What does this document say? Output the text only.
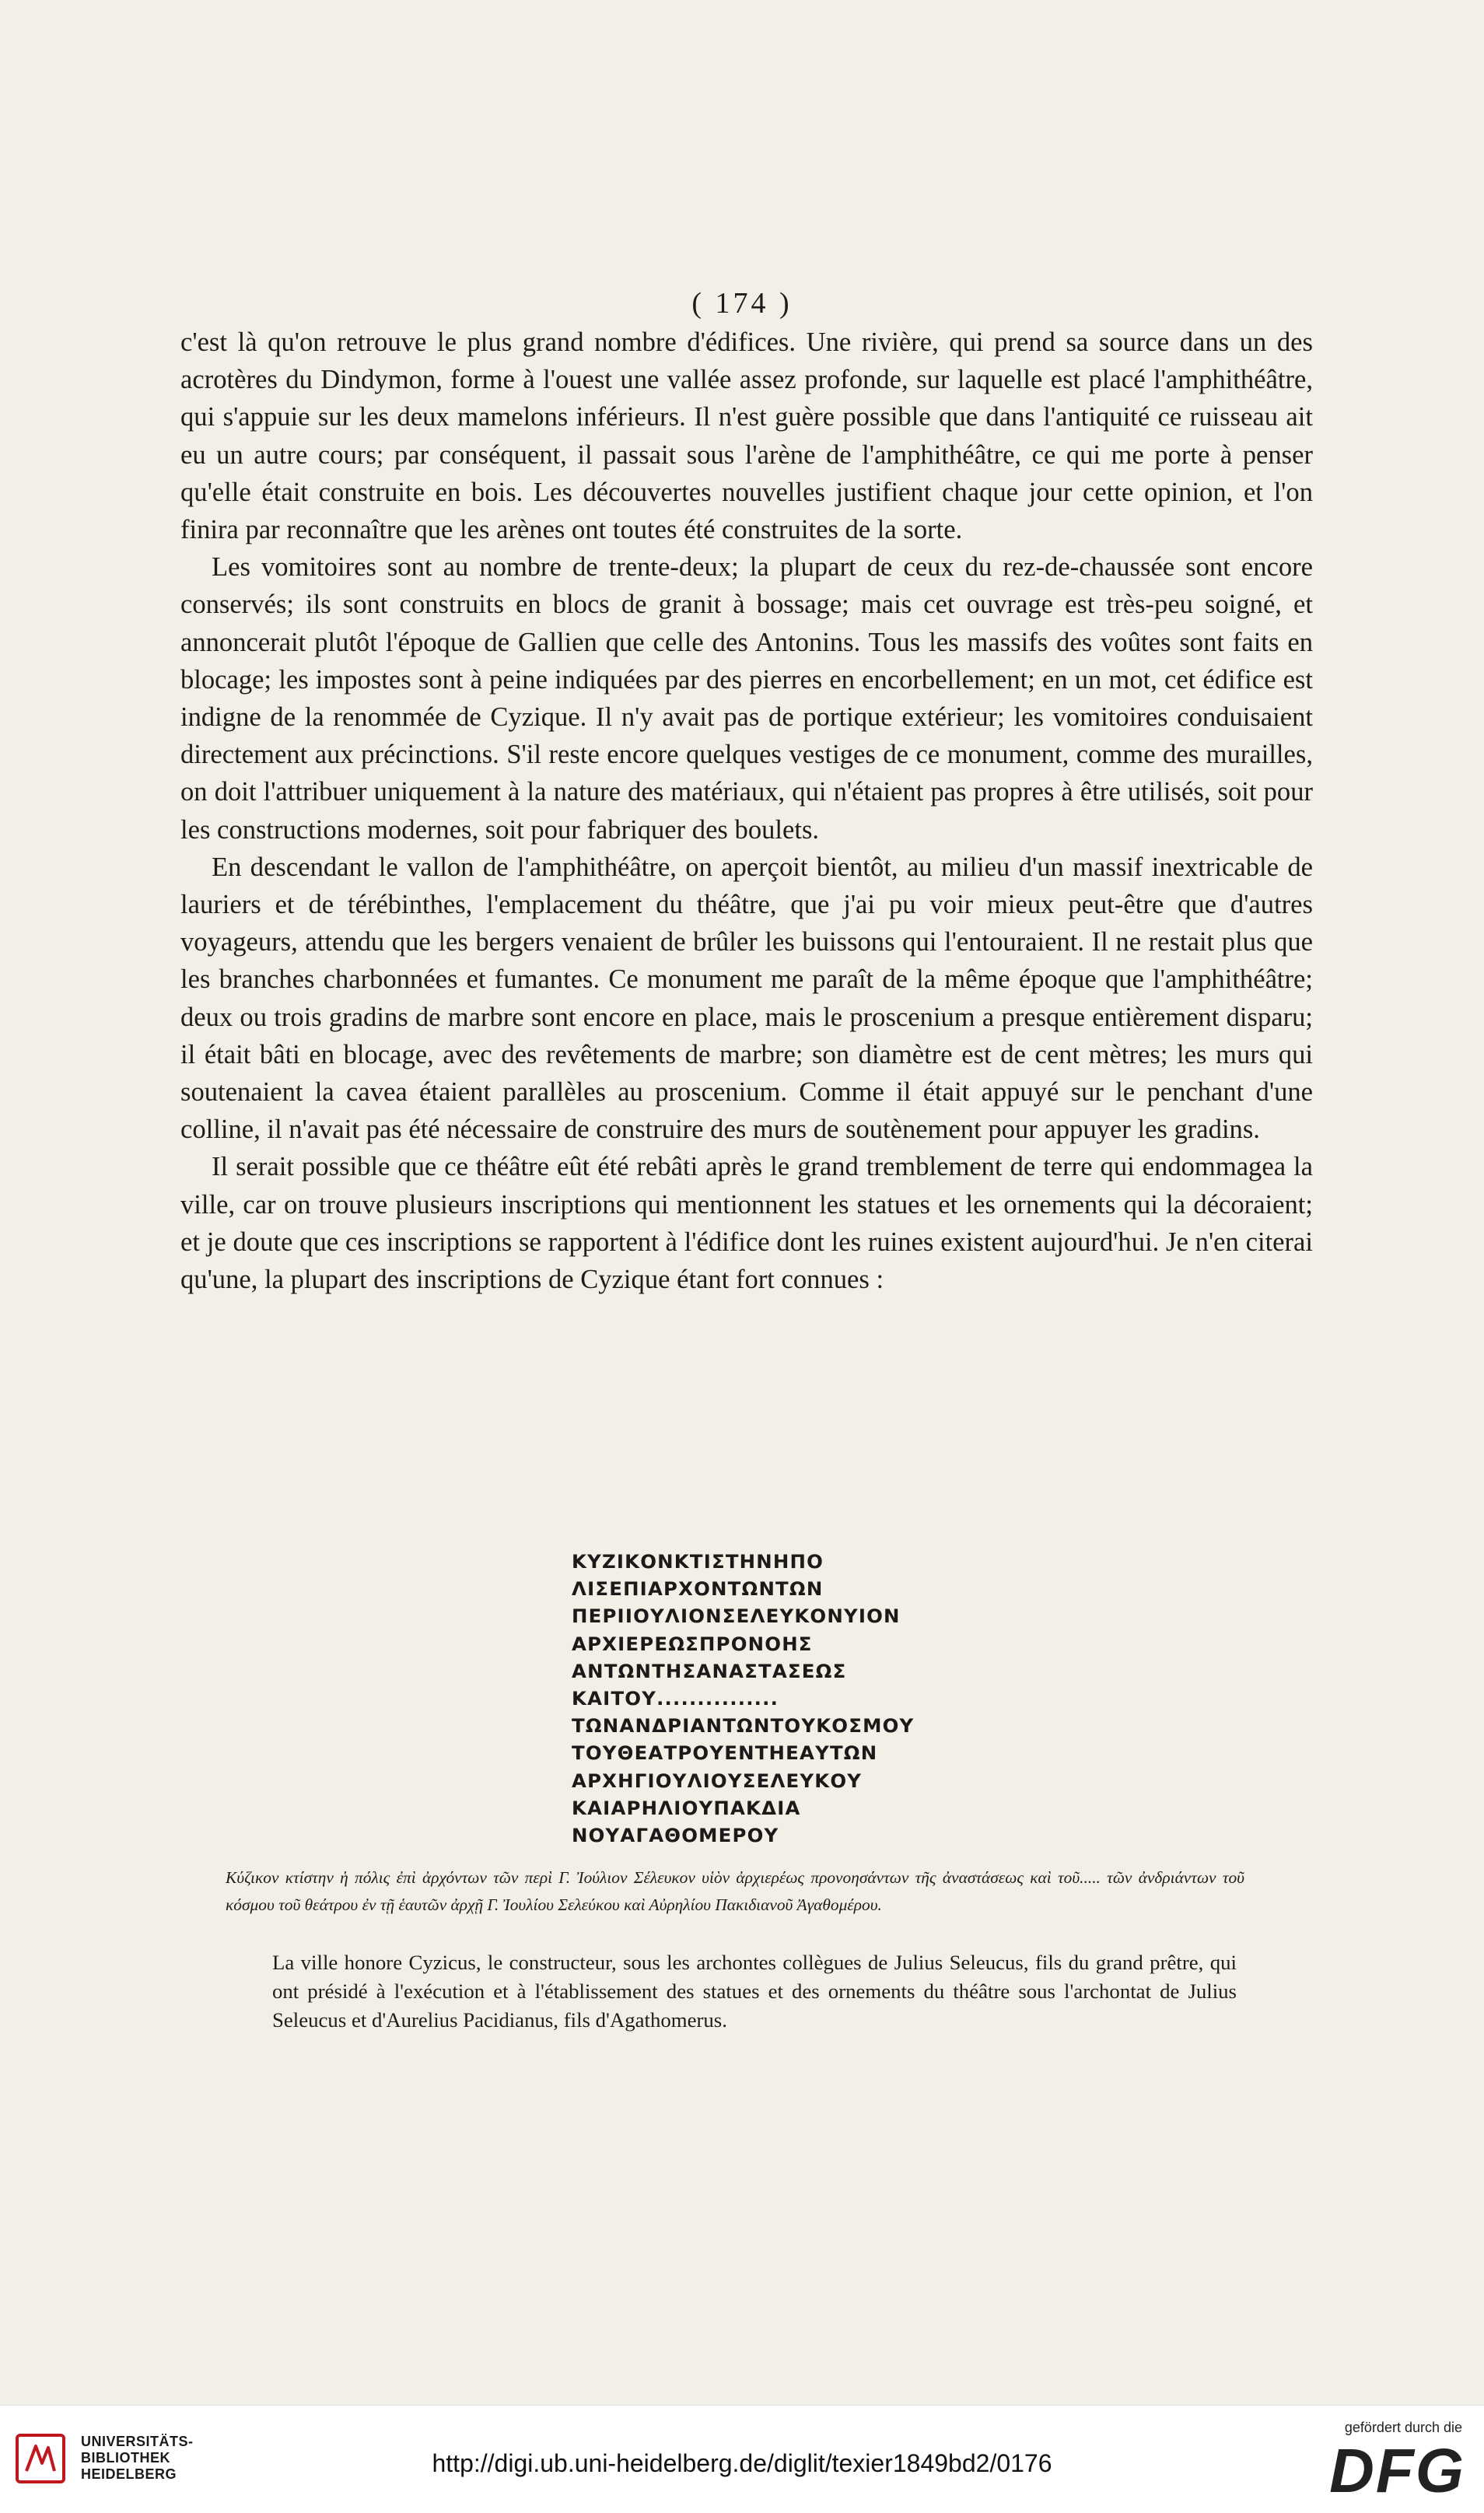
( 174 )

c'est là qu'on retrouve le plus grand nombre d'édifices. Une rivière, qui prend sa source dans un des acrotères du Dindymon, forme à l'ouest une vallée assez profonde, sur laquelle est placé l'amphithéâtre, qui s'appuie sur les deux mamelons inférieurs. Il n'est guère possible que dans l'antiquité ce ruisseau ait eu un autre cours; par conséquent, il passait sous l'arène de l'amphithéâtre, ce qui me porte à penser qu'elle était construite en bois. Les découvertes nouvelles justifient chaque jour cette opinion, et l'on finira par reconnaître que les arènes ont toutes été construites de la sorte.

Les vomitoires sont au nombre de trente-deux; la plupart de ceux du rez-de-chaussée sont encore conservés; ils sont construits en blocs de granit à bossage; mais cet ouvrage est très-peu soigné, et annoncerait plutôt l'époque de Gallien que celle des Antonins. Tous les massifs des voûtes sont faits en blocage; les impostes sont à peine indiquées par des pierres en encorbellement; en un mot, cet édifice est indigne de la renommée de Cyzique. Il n'y avait pas de portique extérieur; les vomitoires conduisaient directement aux précinctions. S'il reste encore quelques vestiges de ce monument, comme des murailles, on doit l'attribuer uniquement à la nature des matériaux, qui n'étaient pas propres à être utilisés, soit pour les constructions modernes, soit pour fabriquer des boulets.

En descendant le vallon de l'amphithéâtre, on aperçoit bientôt, au milieu d'un massif inextricable de lauriers et de térébinthes, l'emplacement du théâtre, que j'ai pu voir mieux peut-être que d'autres voyageurs, attendu que les bergers venaient de brûler les buissons qui l'entouraient. Il ne restait plus que les branches charbonnées et fumantes. Ce monument me paraît de la même époque que l'amphithéâtre; deux ou trois gradins de marbre sont encore en place, mais le proscenium a presque entièrement disparu; il était bâti en blocage, avec des revêtements de marbre; son diamètre est de cent mètres; les murs qui soutenaient la cavea étaient parallèles au proscenium. Comme il était appuyé sur le penchant d'une colline, il n'avait pas été nécessaire de construire des murs de soutènement pour appuyer les gradins.

Il serait possible que ce théâtre eût été rebâti après le grand tremblement de terre qui endommagea la ville, car on trouve plusieurs inscriptions qui mentionnent les statues et les ornements qui la décoraient; et je doute que ces inscriptions se rapportent à l'édifice dont les ruines existent aujourd'hui. Je n'en citerai qu'une, la plupart des inscriptions de Cyzique étant fort connues :

ΚΥΖΙΚΟΝΚΤΙΣΤΗΝΗΠΟ
ΛΙΣΕΠΙΑΡΧΟΝΤΩΝΤΩΝ
ΠΕΡΙΙΟΥΛΙΟΝΣΕΛΕΥΚΟΝΥΙΟΝ
ΑΡΧΙΕΡΕΩΣΠΡΟΝΟΗΣ
ΑΝΤΩΝΤΗΣΑΝΑΣΤΑΣΕΩΣ
ΚΑΙΤΟΥ...............
ΤΩΝΑΝΔΡΙΑΝΤΩΝΤΟΥΚΟΣΜΟΥ
ΤΟΥΘΕΑΤΡΟΥΕΝΤΗΕΑΥΤΩΝ
ΑΡΧΗΓΙΟΥΛΙΟΥΣΕΛΕΥΚΟΥ
ΚΑΙΑΡΗΛΙΟΥΠΑΚΔΙΑ
ΝΟΥΑΓΑΘΟΜΕΡΟΥ
Κύζικον κτίστην ἡ πόλις ἐπὶ ἀρχόντων τῶν περὶ Γ. Ἰούλιον Σέλευκον υἱὸν ἀρχιερέως προνοησάντων τῆς ἀναστάσεως καὶ τοῦ..... τῶν ἀνδριάντων τοῦ κόσμου τοῦ θεάτρου ἐν τῇ ἑαυτῶν ἀρχῇ Γ. Ἰουλίου Σελεύκου καὶ Αὐρηλίου Πακιδιανοῦ Ἀγαθομέρου.

La ville honore Cyzicus, le constructeur, sous les archontes collègues de Julius Seleucus, fils du grand prêtre, qui ont présidé à l'exécution et à l'établissement des statues et des ornements du théâtre sous l'archontat de Julius Seleucus et d'Aurelius Pacidianus, fils d'Agathomerus.

UNIVERSITÄTS-
BIBLIOTHEK
HEIDELBERG	http://digi.ub.uni-heidelberg.de/diglit/texier1849bd2/0176
gefördert durch die
DFG
